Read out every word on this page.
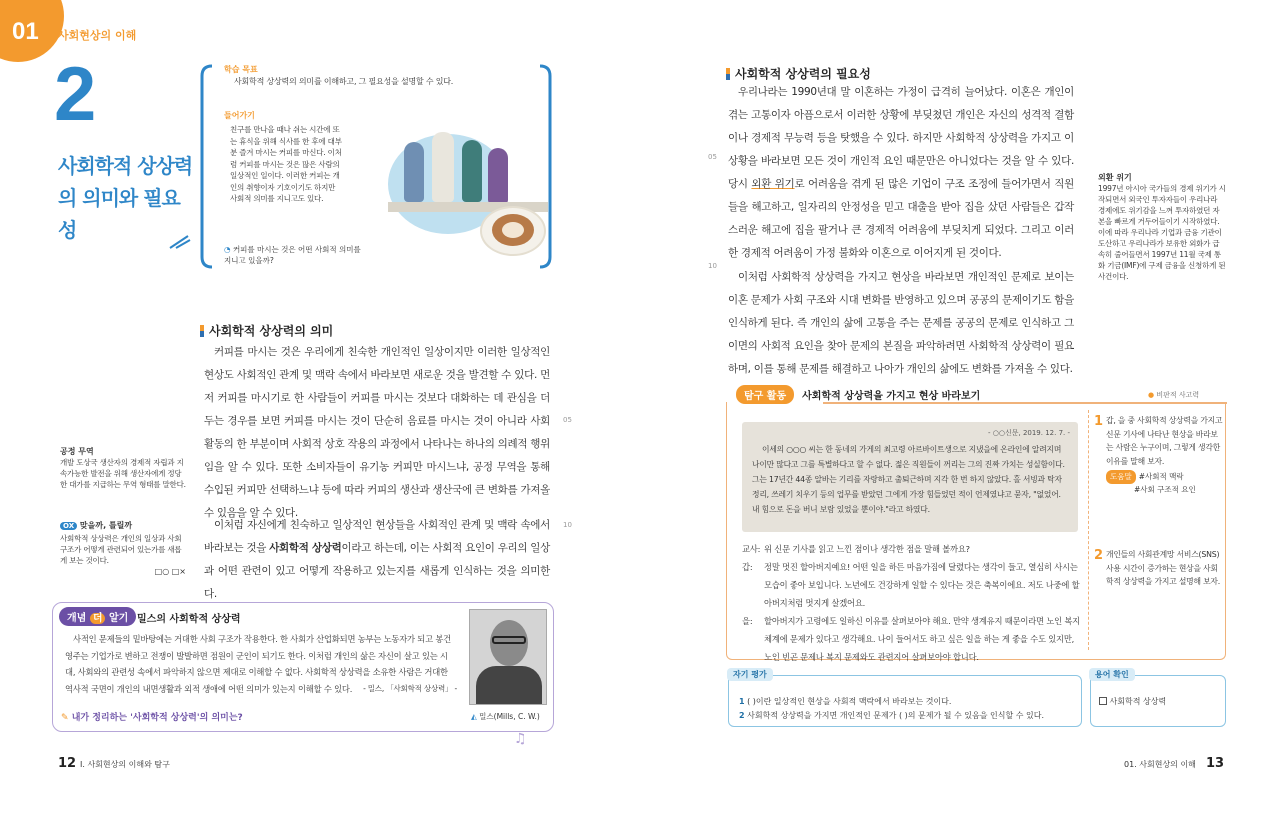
01 사회현상의 이해
2
사회학적 상상력의 의미와 필요성
학습 목표
사회학적 상상력의 의미를 이해하고, 그 필요성을 설명할 수 있다.
들어가기
친구를 만나을 때나 쉬는 시간에 또는 휴식을 위해 식사를 한 후에 대부분 즐겨 마시는 커피를 마신다. 이처럼 커피를 마시는 것은 많은 사람의 일상적인 일이다. 이러한 커피는 개인의 취향이자 기호이기도 하지만 사회적 의미를 지니고도 있다.
◔ 커피를 마시는 것은 어떤 사회적 의미를 지니고 있을까?
사회학적 상상력의 의미
커피를 마시는 것은 우리에게 친숙한 개인적인 일상이지만 이러한 일상적인 현상도 사회적인 관계 및 맥락 속에서 바라보면 새로운 것을 발견할 수 있다. 먼저 커피를 마시기로 한 사람들이 커피를 마시는 것보다 대화하는 데 관심을 더 두는 경우를 보면 커피를 마시는 것이 단순히 음료를 마시는 것이 아니라 사회 활동의 한 부분이며 사회적 상호 작용의 과정에서 나타나는 하나의 의례적 행위임을 알 수 있다. 또한 소비자들이 유기농 커피만 마시느냐, 공정 무역을 통해 수입된 커피만 선택하느냐 등에 따라 커피의 생산과 생산국에 큰 변화를 가져올 수 있음을 알 수 있다.
이처럼 자신에게 친숙하고 일상적인 현상들을 사회적인 관계 및 맥락 속에서 바라보는 것을 사회학적 상상력이라고 하는데, 이는 사회적 요인이 우리의 일상과 어떤 관련이 있고 어떻게 작용하고 있는지를 새롭게 인식하는 것을 의미한다.
05
10
공정 무역
개발 도상국 생산자의 경제적 자립과 지속가능한 발전을 위해 생산자에게 정당한 대가를 지급하는 무역 형태를 말한다.
OX 맞을까, 틀릴까
사회학적 상상력은 개인의 일상과 사회 구조가 어떻게 관련되어 있는가를 새롭게 보는 것이다.
□○ □×
개념 더 알기 밀스의 사회학적 상상력
사적인 문제들의 밑바탕에는 거대한 사회 구조가 작용한다. 한 사회가 산업화되면 농부는 노동자가 되고 봉건 영주는 기업가로 변하고 전쟁이 발발하면 점원이 군인이 되기도 한다. 이처럼 개인의 삶은 자신이 살고 있는 시대, 사회와의 관련성 속에서 파악하지 않으면 제대로 이해할 수 없다. 사회학적 상상력을 소유한 사람은 거대한 역사적 국면이 개인의 내면생활과 외적 생애에 어떤 의미가 있는지 이해할 수 있다.	- 밀스, 「사회학적 상상력」 -
✎ 내가 정리하는 '사회학적 상상력'의 의미는?	◭ 밀스(Mills, C. W.)
♫
12 Ⅰ. 사회현상의 이해와 탐구
사회학적 상상력의 필요성
우리나라는 1990년대 말 이혼하는 가정이 급격히 늘어났다. 이혼은 개인이 겪는 고통이자 아픔으로서 이러한 상황에 부딪쳤던 개인은 자신의 성격적 결함이나 경제적 무능력 등을 탓했을 수 있다. 하지만 사회학적 상상력을 가지고 이 상황을 바라보면 모든 것이 개인적 요인 때문만은 아니었다는 것을 알 수 있다. 당시 외환 위기로 어려움을 겪게 된 많은 기업이 구조 조정에 들어가면서 직원들을 해고하고, 일자리의 안정성을 믿고 대출을 받아 집을 샀던 사람들은 갑작스러운 해고에 집을 팔거나 큰 경제적 어려움에 부딪치게 되었다. 그리고 이러한 경제적 어려움이 가정 불화와 이혼으로 이어지게 된 것이다.
이처럼 사회학적 상상력을 가지고 현상을 바라보면 개인적인 문제로 보이는 이혼 문제가 사회 구조와 시대 변화를 반영하고 있으며 공공의 문제이기도 함을 인식하게 된다. 즉 개인의 삶에 고통을 주는 문제를 공공의 문제로 인식하고 그 이면의 사회적 요인을 찾아 문제의 본질을 파악하려면 사회학적 상상력이 필요하며, 이를 통해 문제를 해결하고 나아가 개인의 삶에도 변화를 가져올 수 있다.
05
10
외환 위기
1997년 아시아 국가들의 경제 위기가 시작되면서 외국인 투자자들이 우리나라 경제에도 위기감을 느껴 투자하였던 자본을 빠르게 거두어들이기 시작하였다. 이에 따라 우리나라 기업과 금융 기관이 도산하고 우리나라가 보유한 외화가 급속히 줄어들면서 1997년 11월 국제 통화 기금(IMF)에 구제 금융을 신청하게 된 사건이다.
탐구 활동	사회학적 상상력을 가지고 현상 바라보기	● 비판적 사고력
- ○○신문, 2019. 12. 7. -
이세의 ○○○ 씨는 한 동네의 가게의 최고령 아르바이트생으로 지냈을에 온라인에 알려지며 나이만 많다고 그를 특별하다고 할 수 없다. 젊은 직원들이 꺼리는 그의 진짜 가치는 성실함이다. 그는 17년간 44종 알바는 기리를 자랑하고 출퇴근하며 지각 한 번 하지 않았다. 홀 서빙과 탁자 정리, 쓰레기 치우기 등의 업무를 받았던 그에게 가장 힘들었던 적이 언제였냐고 묻자, "없었어. 내 힘으로 돈을 버니 보람 있었을 뿐이야."라고 하였다.
교사: 위 신문 기사를 읽고 느낀 점이나 생각한 점을 말해 볼까요?
갑:	정말 멋진 할아버지예요! 어떤 일을 하든 마음가짐에 달렸다는 생각이 들고, 열심히 사시는 모습이 좋아 보입니다. 노년에도 건강하게 일할 수 있다는 것은 축복이에요. 저도 나중에 할아버지처럼 멋지게 살겠어요.
을:	할아버지가 고령에도 일하신 이유를 살펴보아야 해요. 만약 생계유지 때문이라면 노인 복지 체계에 문제가 있다고 생각해요. 나이 들어서도 하고 싶은 일을 하는 게 좋을 수도 있지만, 노인 빈곤 문제나 복지 문제와도 관련지어 살펴보아야 합니다.
1 갑, 을 중 사회학적 상상력을 가지고 신문 기사에 나타난 현상을 바라보는 사람은 누구이며, 그렇게 생각한 이유를 말해 보자.
도움말 #사회적 맥락
#사회 구조적 요인
2 개인들의 사회관계망 서비스(SNS) 사용 시간이 증가하는 현상을 사회학적 상상력을 가지고 설명해 보자.
자기 평가
1 ( )이란 일상적인 현상을 사회적 맥락에서 바라보는 것이다.
2 사회학적 상상력을 가지면 개인적인 문제가 ( )의 문제가 될 수 있음을 인식할 수 있다.
용어 확인
사회학적 상상력
01. 사회현상의 이해 13
